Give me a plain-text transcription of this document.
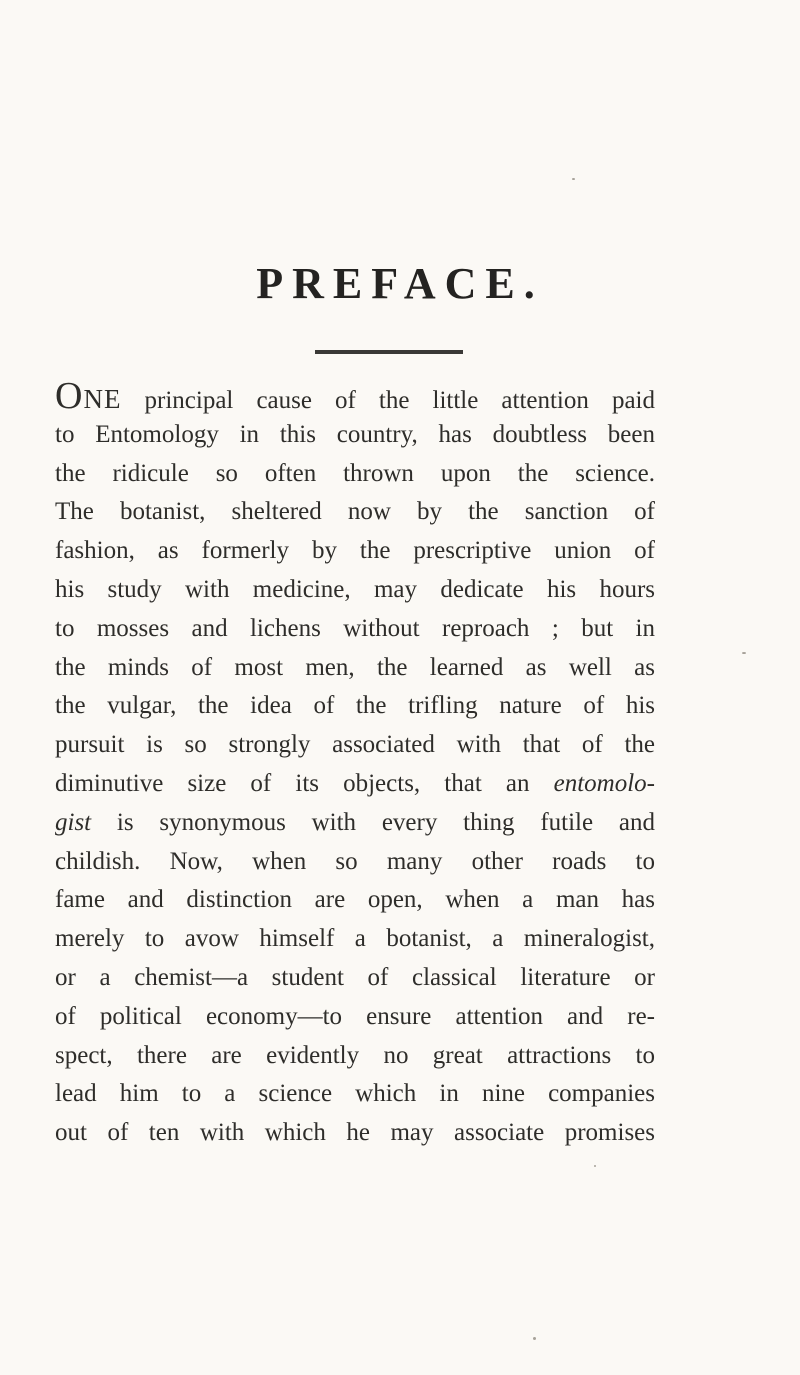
PREFACE.
ONE principal cause of the little attention paid
to Entomology in this country, has doubtless been
the ridicule so often thrown upon the science.
The botanist, sheltered now by the sanction of
fashion, as formerly by the prescriptive union of
his study with medicine, may dedicate his hours
to mosses and lichens without reproach ; but in
the minds of most men, the learned as well as
the vulgar, the idea of the trifling nature of his
pursuit is so strongly associated with that of the
diminutive size of its objects, that an entomolo-
gist is synonymous with every thing futile and
childish. Now, when so many other roads to
fame and distinction are open, when a man has
merely to avow himself a botanist, a mineralogist,
or a chemist—a student of classical literature or
of political economy—to ensure attention and re-
spect, there are evidently no great attractions to
lead him to a science which in nine companies
out of ten with which he may associate promises
